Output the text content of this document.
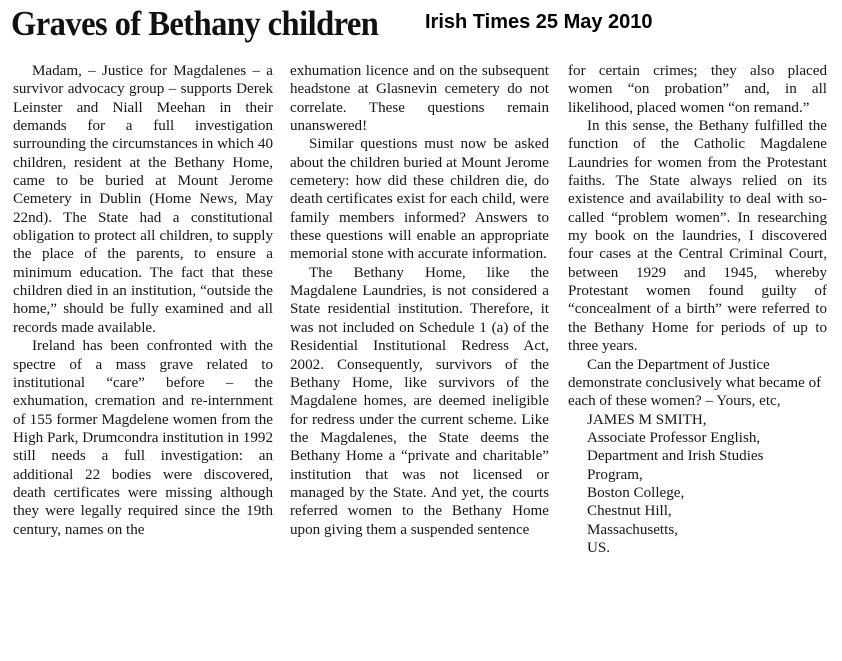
Graves of Bethany children Irish Times 25 May 2010

Madam, – Justice for Magdalenes – a survivor advocacy group – supports Derek Leinster and Niall Meehan in their demands for a full investigation surrounding the circumstances in which 40 children, resident at the Bethany Home, came to be buried at Mount Jerome Cemetery in Dublin (Home News, May 22nd). The State had a constitutional obligation to protect all children, to supply the place of the parents, to ensure a minimum education. The fact that these children died in an institution, “outside the home,” should be fully examined and all records made available.

Ireland has been confronted with the spectre of a mass grave related to institutional “care” before – the exhumation, cremation and re-internment of 155 former Magdelene women from the High Park, Drumcondra institution in 1992 still needs a full investigation: an additional 22 bodies were discovered, death certificates were missing although they were legally required since the 19th century, names on the

exhumation licence and on the subsequent headstone at Glasnevin cemetery do not correlate. These questions remain unanswered!

Similar questions must now be asked about the children buried at Mount Jerome cemetery: how did these children die, do death certificates exist for each child, were family members informed? Answers to these questions will enable an appropriate memorial stone with accurate information.

The Bethany Home, like the Magdalene Laundries, is not considered a State residential institution. Therefore, it was not included on Schedule 1 (a) of the Residential Institutional Redress Act, 2002. Consequently, survivors of the Bethany Home, like survivors of the Magdalene homes, are deemed ineligible for redress under the current scheme. Like the Magdalenes, the State deems the Bethany Home a “private and charitable” institution that was not licensed or managed by the State. And yet, the courts referred women to the Bethany Home upon giving them a suspended sentence

for certain crimes; they also placed women “on probation” and, in all likelihood, placed women “on remand.”

In this sense, the Bethany fulfilled the function of the Catholic Magdalene Laundries for women from the Protestant faiths. The State always relied on its existence and availability to deal with so-called “problem women”. In researching my book on the laundries, I discovered four cases at the Central Criminal Court, between 1929 and 1945, whereby Protestant women found guilty of “concealment of a birth” were referred to the Bethany Home for periods of up to three years.

Can the Department of Justice demonstrate conclusively what became of each of these women? – Yours, etc,

JAMES M SMITH,
Associate Professor English,
Department and Irish Studies
Program,
Boston College,
Chestnut Hill,
Massachusetts,
US.
